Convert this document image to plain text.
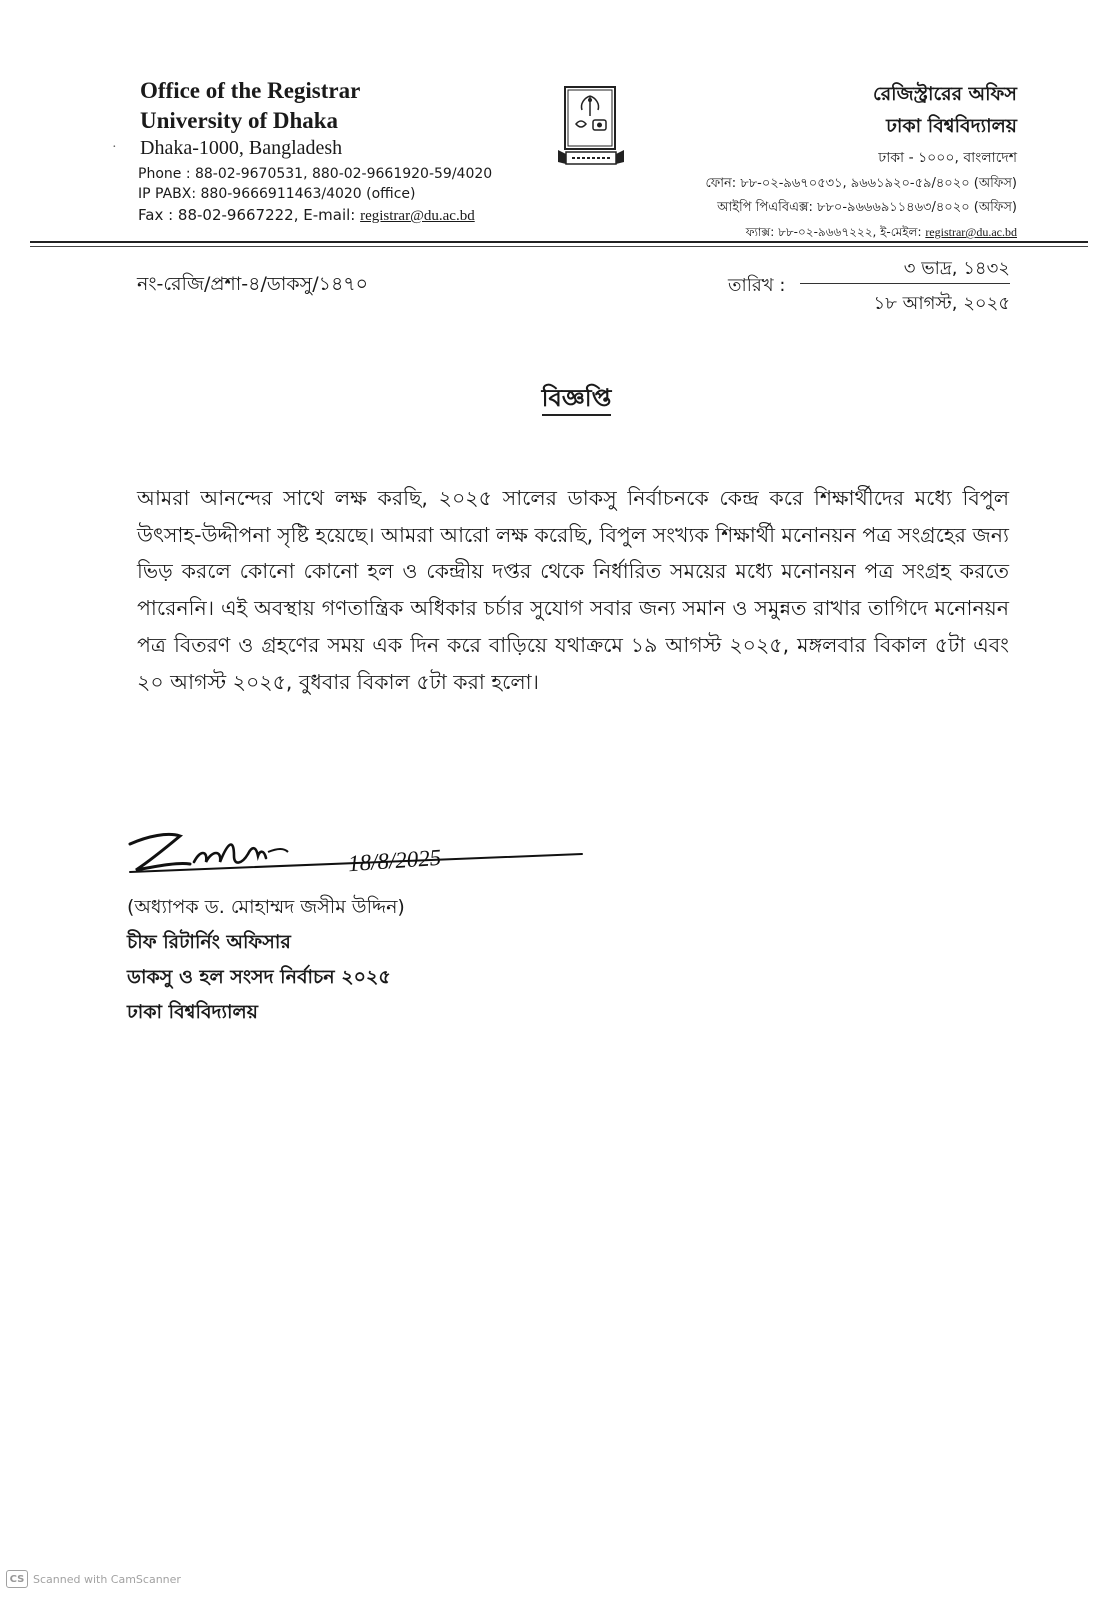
Office of the Registrar
University of Dhaka
· Dhaka-1000, Bangladesh
Phone : 88-02-9670531, 880-02-9661920-59/4020
IP PABX: 880-9666911463/4020 (office)
Fax : 88-02-9667222, E-mail: registrar@du.ac.bd
রেজিস্ট্রারের অফিস
ঢাকা বিশ্ববিদ্যালয়
ঢাকা - ১০০০, বাংলাদেশ
ফোন: ৮৮-০২-৯৬৭০৫৩১, ৯৬৬১৯২০-৫৯/৪০২০ (অফিস)
আইপি পিএবিএক্স: ৮৮০-৯৬৬৬৯১১৪৬৩/৪০২০ (অফিস)
ফ্যাক্স: ৮৮-০২-৯৬৬৭২২২, ই-মেইল: registrar@du.ac.bd
নং-রেজি/প্রশা-৪/ডাকসু/১৪৭০	তারিখ :
৩ ভাদ্র, ১৪৩২
১৮ আগস্ট, ২০২৫
বিজ্ঞপ্তি
আমরা আনন্দের সাথে লক্ষ করছি, ২০২৫ সালের ডাকসু নির্বাচনকে কেন্দ্র করে শিক্ষার্থীদের মধ্যে বিপুল উৎসাহ-উদ্দীপনা সৃষ্টি হয়েছে। আমরা আরো লক্ষ করেছি, বিপুল সংখ্যক শিক্ষার্থী মনোনয়ন পত্র সংগ্রহের জন্য ভিড় করলে কোনো কোনো হল ও কেন্দ্রীয় দপ্তর থেকে নির্ধারিত সময়ের মধ্যে মনোনয়ন পত্র সংগ্রহ করতে পারেননি। এই অবস্থায় গণতান্ত্রিক অধিকার চর্চার সুযোগ সবার জন্য সমান ও সমুন্নত রাখার তাগিদে মনোনয়ন পত্র বিতরণ ও গ্রহণের সময় এক দিন করে বাড়িয়ে যথাক্রমে ১৯ আগস্ট ২০২৫, মঙ্গলবার বিকাল ৫টা এবং ২০ আগস্ট ২০২৫, বুধবার বিকাল ৫টা করা হলো।
18/8/2025
(অধ্যাপক ড. মোহাম্মদ জসীম উদ্দিন)
চীফ রিটার্নিং অফিসার
ডাকসু ও হল সংসদ নির্বাচন ২০২৫
ঢাকা বিশ্ববিদ্যালয়
CS Scanned with CamScanner
